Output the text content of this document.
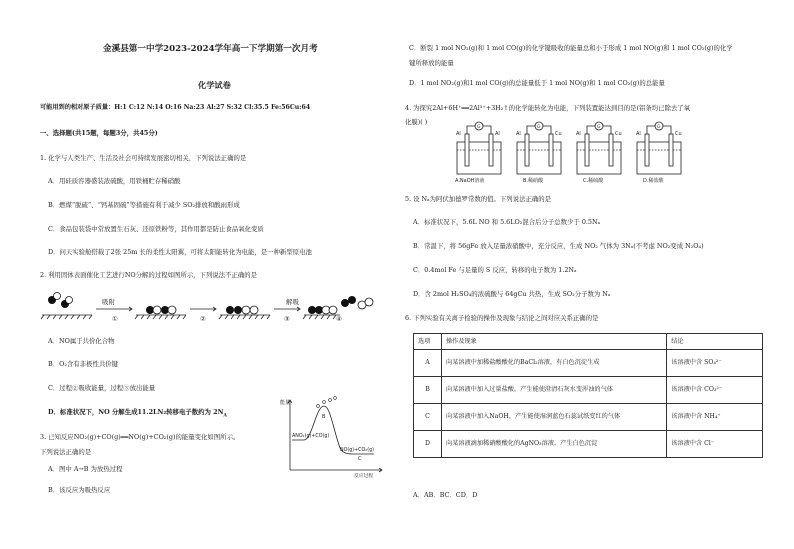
金溪县第一中学2023-2024学年高一下学期第一次月考
化学试卷
可能用到的相对原子质量：H:1 C:12 N:14 O:16 Na:23 Al:27 S:32 Cl:35.5 Fe:56Cu:64
一、选择题(共15题，每题3分，共45分)
1. 化学与人类生产、生活及社会可持续发展密切相关，下列说法正确的是
A．用硅质容器盛装浓硫酸，用铁桶贮存稀硝酸
B．燃煤“脱硫”、“钙基固硫”等措施有利于减少 SO₂排放和酸雨形成
C．食品包装袋中常放置生石灰、还原铁粉等，其作用都是防止食品氧化变质
D．问天实验舱搭载了2张 25m 长的柔性太阳翼，可将太阳能转化为电能，是一种新型原电池
2. 利用固体表面催化工艺进行NO分解的过程如图所示，下列说法不正确的是
吸附
①	②	③
解吸
④
A．NO属于共价化合物
B．O₂含有非极性共价键
C．过程②吸收能量，过程③放出能量
D．标准状况下，NO 分解生成11.2LN₂转移电子数约为 $2N_A$
3. 已知反应NO₂(g)+CO(g)══NO(g)+CO₂(g)的能量变化如图所示。
下列说法正确的是
A．图中 A→B 为放热过程
B．该反应为吸热反应
能量
ANO₂(g)+CO(g)
NO(g)+CO₂(g)
B
C
反应过程
C．断裂 1 mol NO₂(g)和 1 mol CO(g)的化学键吸收的能量总和小于形成 1 mol NO(g)和 1 mol CO₂(g)的化学
键所释放的能量
D．1 mol NO₂(g)和1 mol CO(g)的总能量低于 1 mol NO(g)和 1 mol CO₂(g)的总能量
4. 为探究2Al+6H⁺══2Al³⁺+3H₂↑的化学能转化为电能，下列装置能达到目的是(铝条均已除去了氧
化膜)( )
G
Al	Al
A.NaOH溶液
G
Al	Cu
B.稀硝酸
G
Al	Cu
C.稀硫酸
G
Al	Cu
D.稀盐酸
5. 设 Nₐ为阿伏加德罗常数的值。下列说法正确的是
A．标准状况下，5.6L NO 和 5.6LO₂混合后分子总数少于 0.5Nₐ
B．常温下，将 56gFe 放入足量浓硝酸中，充分反应，生成 NO₂ 气体为 3Nₐ(不考虑 NO₂变成 N₂O₄)
C．0.4mol Fe 与足量的 S 反应，转移的电子数为 1.2Nₐ
D．含 2mol H₂SO₄的浓硫酸与 64gCu 共热，生成 SO₂分子数为 Nₐ
6. 下列实验有关离子检验的操作及现象与结论之间对应关系正确的是
选项	操作及现象	结论
A	向某溶液中加稀盐酸酸化的BaCl₂溶液，有白色沉淀生成	该溶液中含 SO₄²⁻
B	向某溶液中加入过量盐酸，产生能使澄清石灰水变浑浊的气体	该溶液中含 CO₃²⁻
C	向某溶液中加入NaOH，产生能使湿润蓝色石蕊试纸变红的气体	该溶液中含 NH₄⁺
D	向某溶液滴加稀硝酸酸化的AgNO₃溶液，产生白色沉淀	该溶液中含 Cl⁻
A．AB．BC．CD．D
